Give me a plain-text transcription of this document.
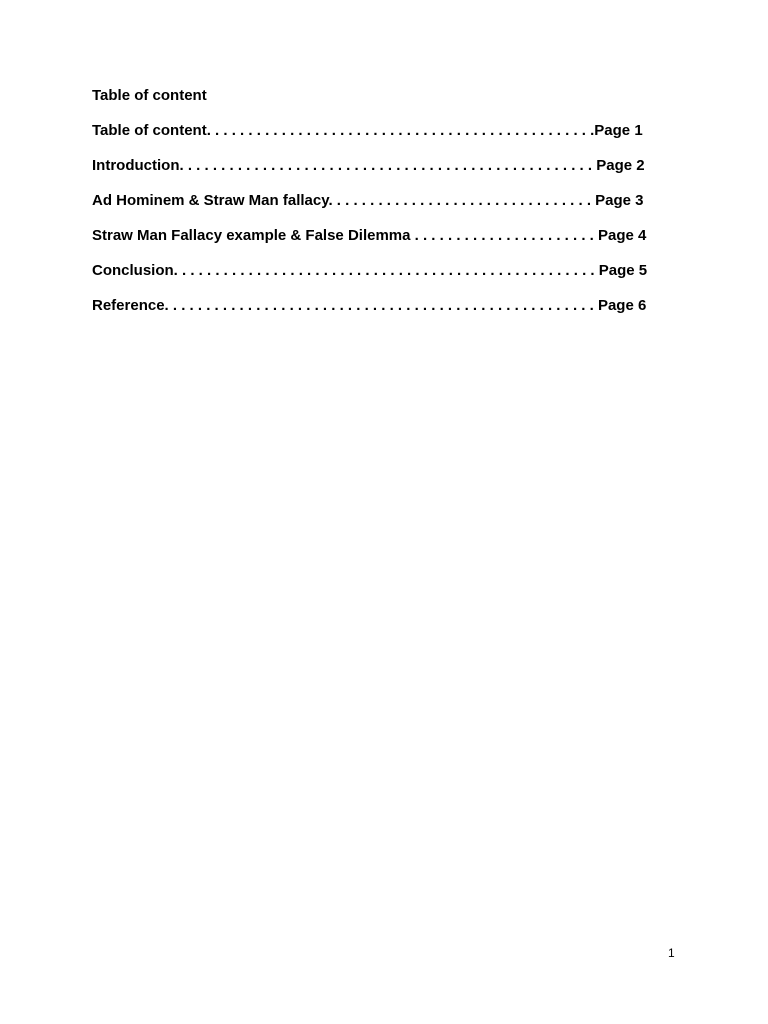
Table of content
Table of content. . . . . . . . . . . . . . . . . . . . . . . . . . . . . . . . . . . . . . . . . . . . . . .Page 1
Introduction. . . . . . . . . . . . . . . . . . . . . . . . . . . . . . . . . . . . . . . . . . . . . . . . . . Page 2
Ad Hominem & Straw Man fallacy. . . . . . . . . . . . . . . . . . . . . . . . . . . . . . . . Page 3
Straw Man Fallacy example & False Dilemma . . . . . . . . . . . . . . . . . . . . . . Page 4
Conclusion. . . . . . . . . . . . . . . . . . . . . . . . . . . . . . . . . . . . . . . . . . . . . . . . . . . Page 5
Reference. . . . . . . . . . . . . . . . . . . . . . . . . . . . . . . . . . . . . . . . . . . . . . . . . . . . Page 6
1
